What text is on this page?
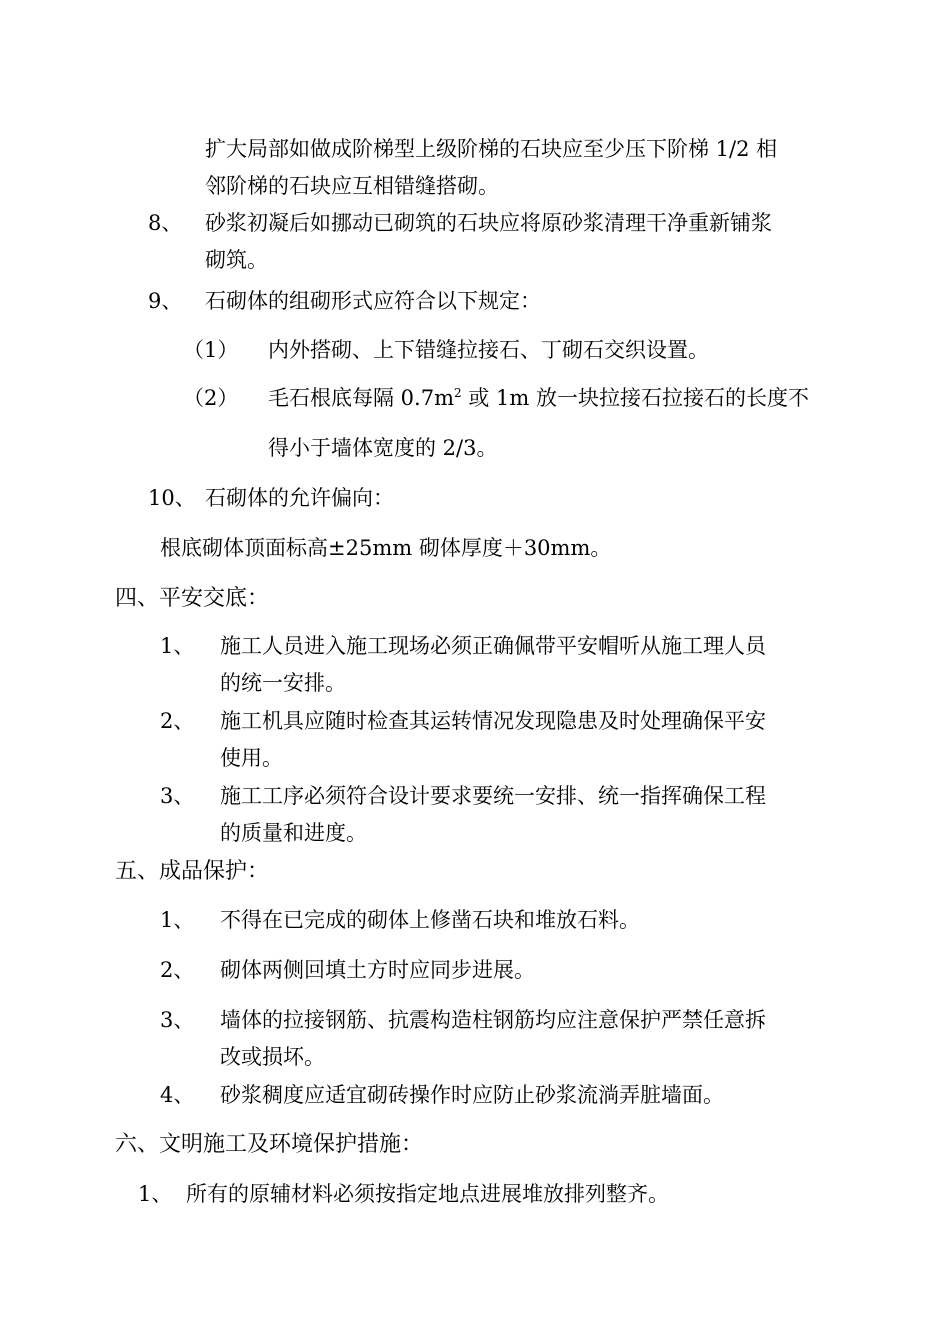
扩大局部如做成阶梯型上级阶梯的石块应至少压下阶梯 1/2 相
邻阶梯的石块应互相错缝搭砌。
8、 砂浆初凝后如挪动已砌筑的石块应将原砂浆清理干净重新铺浆
砌筑。
9、 石砌体的组砌形式应符合以下规定：
（1） 内外搭砌、上下错缝拉接石、丁砌石交织设置。
（2） 毛石根底每隔 $0.7m^2$ 或 1m 放一块拉接石拉接石的长度不
得小于墙体宽度的 2/3。
10、 石砌体的允许偏向：
根底砌体顶面标高±25mm 砌体厚度＋30mm。
四、平安交底：
1、 施工人员进入施工现场必须正确佩带平安帽听从施工理人员
的统一安排。
2、 施工机具应随时检查其运转情况发现隐患及时处理确保平安
使用。
3、 施工工序必须符合设计要求要统一安排、统一指挥确保工程
的质量和进度。
五、成品保护：
1、 不得在已完成的砌体上修凿石块和堆放石料。
2、 砌体两侧回填土方时应同步进展。
3、 墙体的拉接钢筋、抗震构造柱钢筋均应注意保护严禁任意拆
改或损坏。
4、 砂浆稠度应适宜砌砖操作时应防止砂浆流淌弄脏墙面。
六、文明施工及环境保护措施：
1、 所有的原辅材料必须按指定地点进展堆放排列整齐。
